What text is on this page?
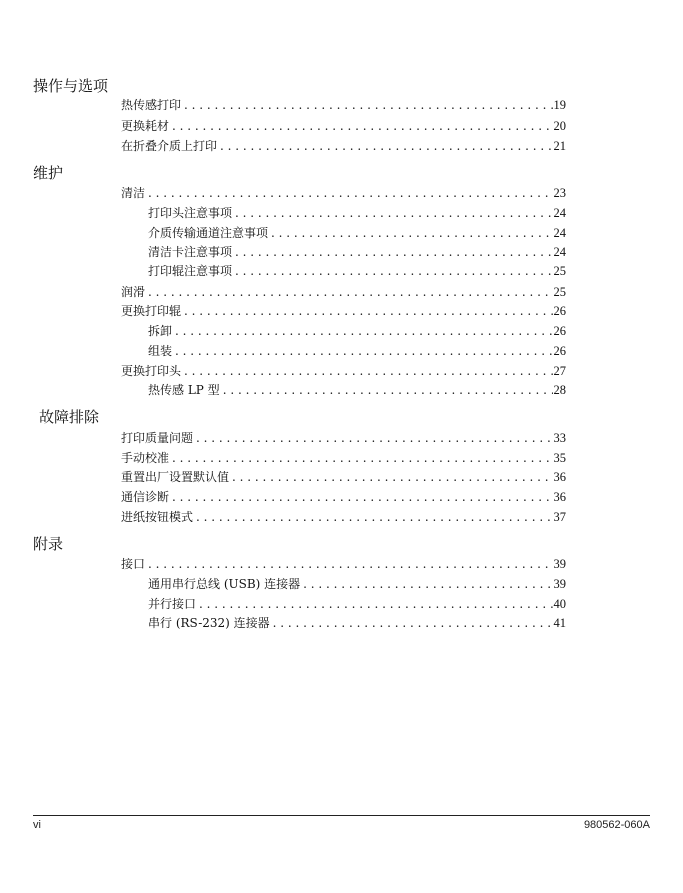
操作与选项
热传感打印 . . .	19
更换耗材 . . .	20
在折叠介质上打印 . . .	21
维护
清洁 . . .	23
打印头注意事项 . . .	24
介质传输通道注意事项 . . .	24
清洁卡注意事项 . . .	24
打印辊注意事项 . . .	25
润滑 . . .	25
更换打印辊 . . .	26
拆卸 . . .	26
组装 . . .	26
更换打印头 . . .	27
热传感 LP 型 . . .	28
故障排除
打印质量问题 . . .	33
手动校准 . . .	35
重置出厂设置默认值 . . .	36
通信诊断 . . .	36
进纸按钮模式 . . .	37
附录
接口 . . .	39
通用串行总线 (USB) 连接器 . . .	39
并行接口 . . .	40
串行 (RS-232) 连接器 . . .	41
vi	980562-060A
